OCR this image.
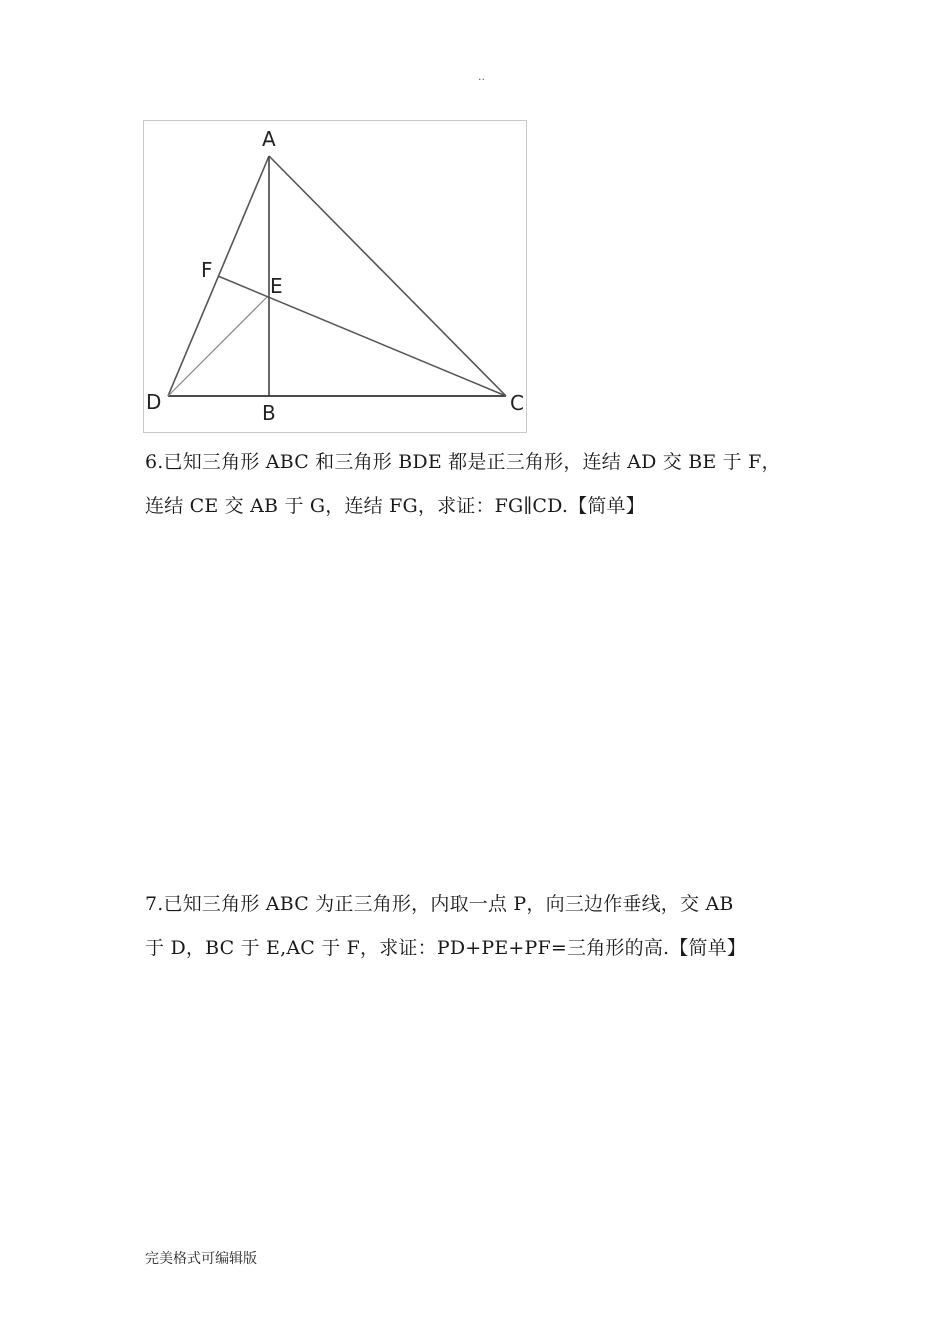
..
A
B	C
D
E
F

6.已知三角形 ABC 和三角形 BDE 都是正三角形，连结 AD 交 BE 于 F，

连结 CE 交 AB 于 G，连结 FG，求证：FG∥CD.【简单】

7.已知三角形 ABC 为正三角形，内取一点 P，向三边作垂线，交 AB

于 D，BC 于 E,AC 于 F，求证：PD+PE+PF=三角形的高.【简单】

完美格式可编辑版
